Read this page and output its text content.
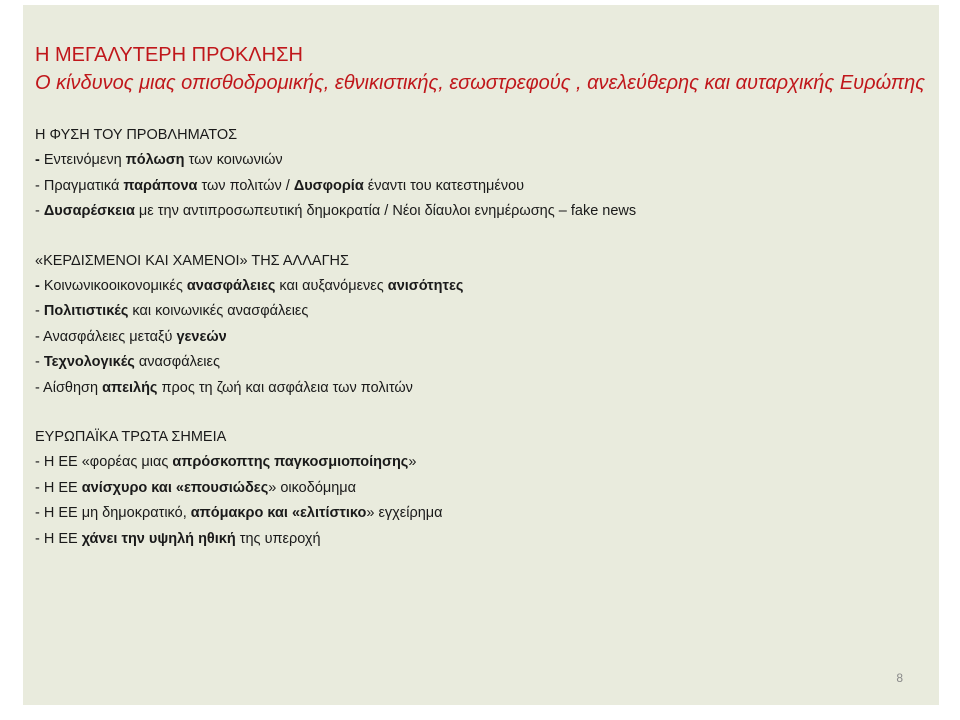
Η ΜΕΓΑΛΥΤΕΡΗ ΠΡΟΚΛΗΣΗ

Ο κίνδυνος μιας οπισθοδρομικής, εθνικιστικής, εσωστρεφούς , ανελεύθερης και αυταρχικής Ευρώπης

Η ΦΥΣΗ ΤΟΥ ΠΡΟΒΛΗΜΑΤΟΣ

- Εντεινόμενη πόλωση των κοινωνιών

- Πραγματικά παράπονα των πολιτών / Δυσφορία έναντι του κατεστημένου

- Δυσαρέσκεια με την αντιπροσωπευτική δημοκρατία / Νέοι δίαυλοι ενημέρωσης – fake news

«ΚΕΡΔΙΣΜΕΝΟΙ ΚΑΙ ΧΑΜΕΝΟΙ» ΤΗΣ ΑΛΛΑΓΗΣ

- Κοινωνικοοικονομικές ανασφάλειες και αυξανόμενες ανισότητες

- Πολιτιστικές και κοινωνικές ανασφάλειες

- Ανασφάλειες μεταξύ γενεών

- Τεχνολογικές ανασφάλειες

- Αίσθηση απειλής προς τη ζωή και ασφάλεια των πολιτών

ΕΥΡΩΠΑΪΚΑ ΤΡΩΤΑ ΣΗΜΕΙΑ

- Η ΕΕ «φορέας μιας απρόσκοπτης παγκοσμιοποίησης»

- Η ΕΕ ανίσχυρο και «επουσιώδες» οικοδόμημα

- Η ΕΕ μη δημοκρατικό, απόμακρο και «ελιτίστικο» εγχείρημα

- Η ΕΕ χάνει την υψηλή ηθική της υπεροχή

8
